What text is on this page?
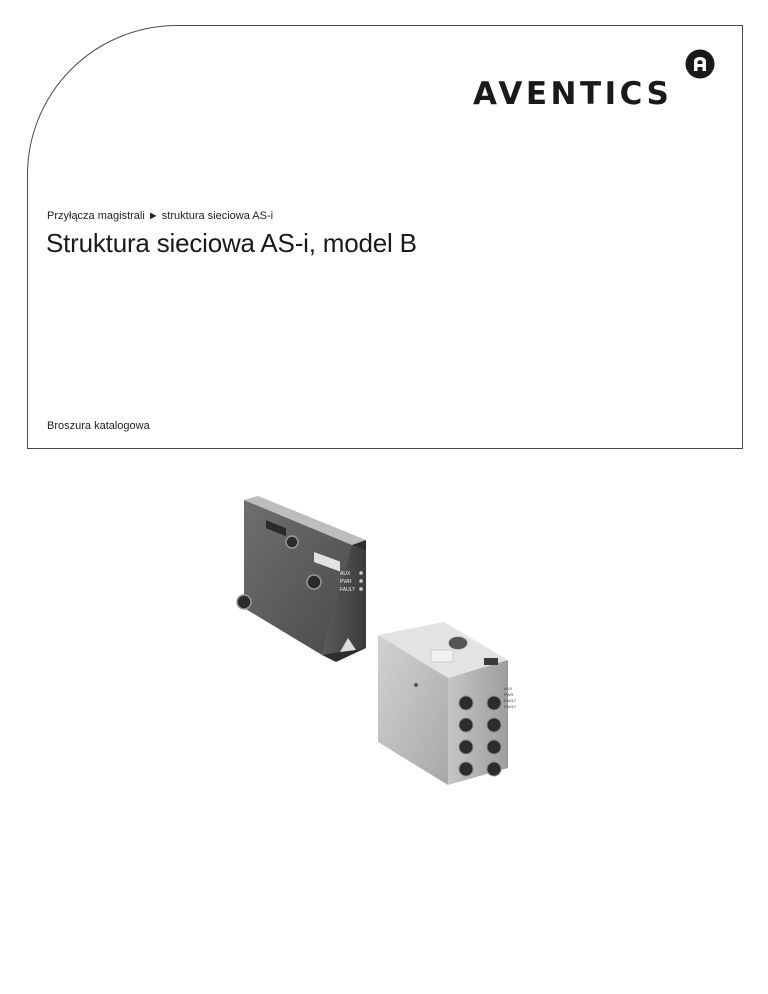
AVENTICS
Przyłącza magistrali ► struktura sieciowa AS-i
Struktura sieciowa AS-i, model B
Broszura katalogowa
AUX
PWR
FAULT
AUX
PWR
FAULT
FAULT
